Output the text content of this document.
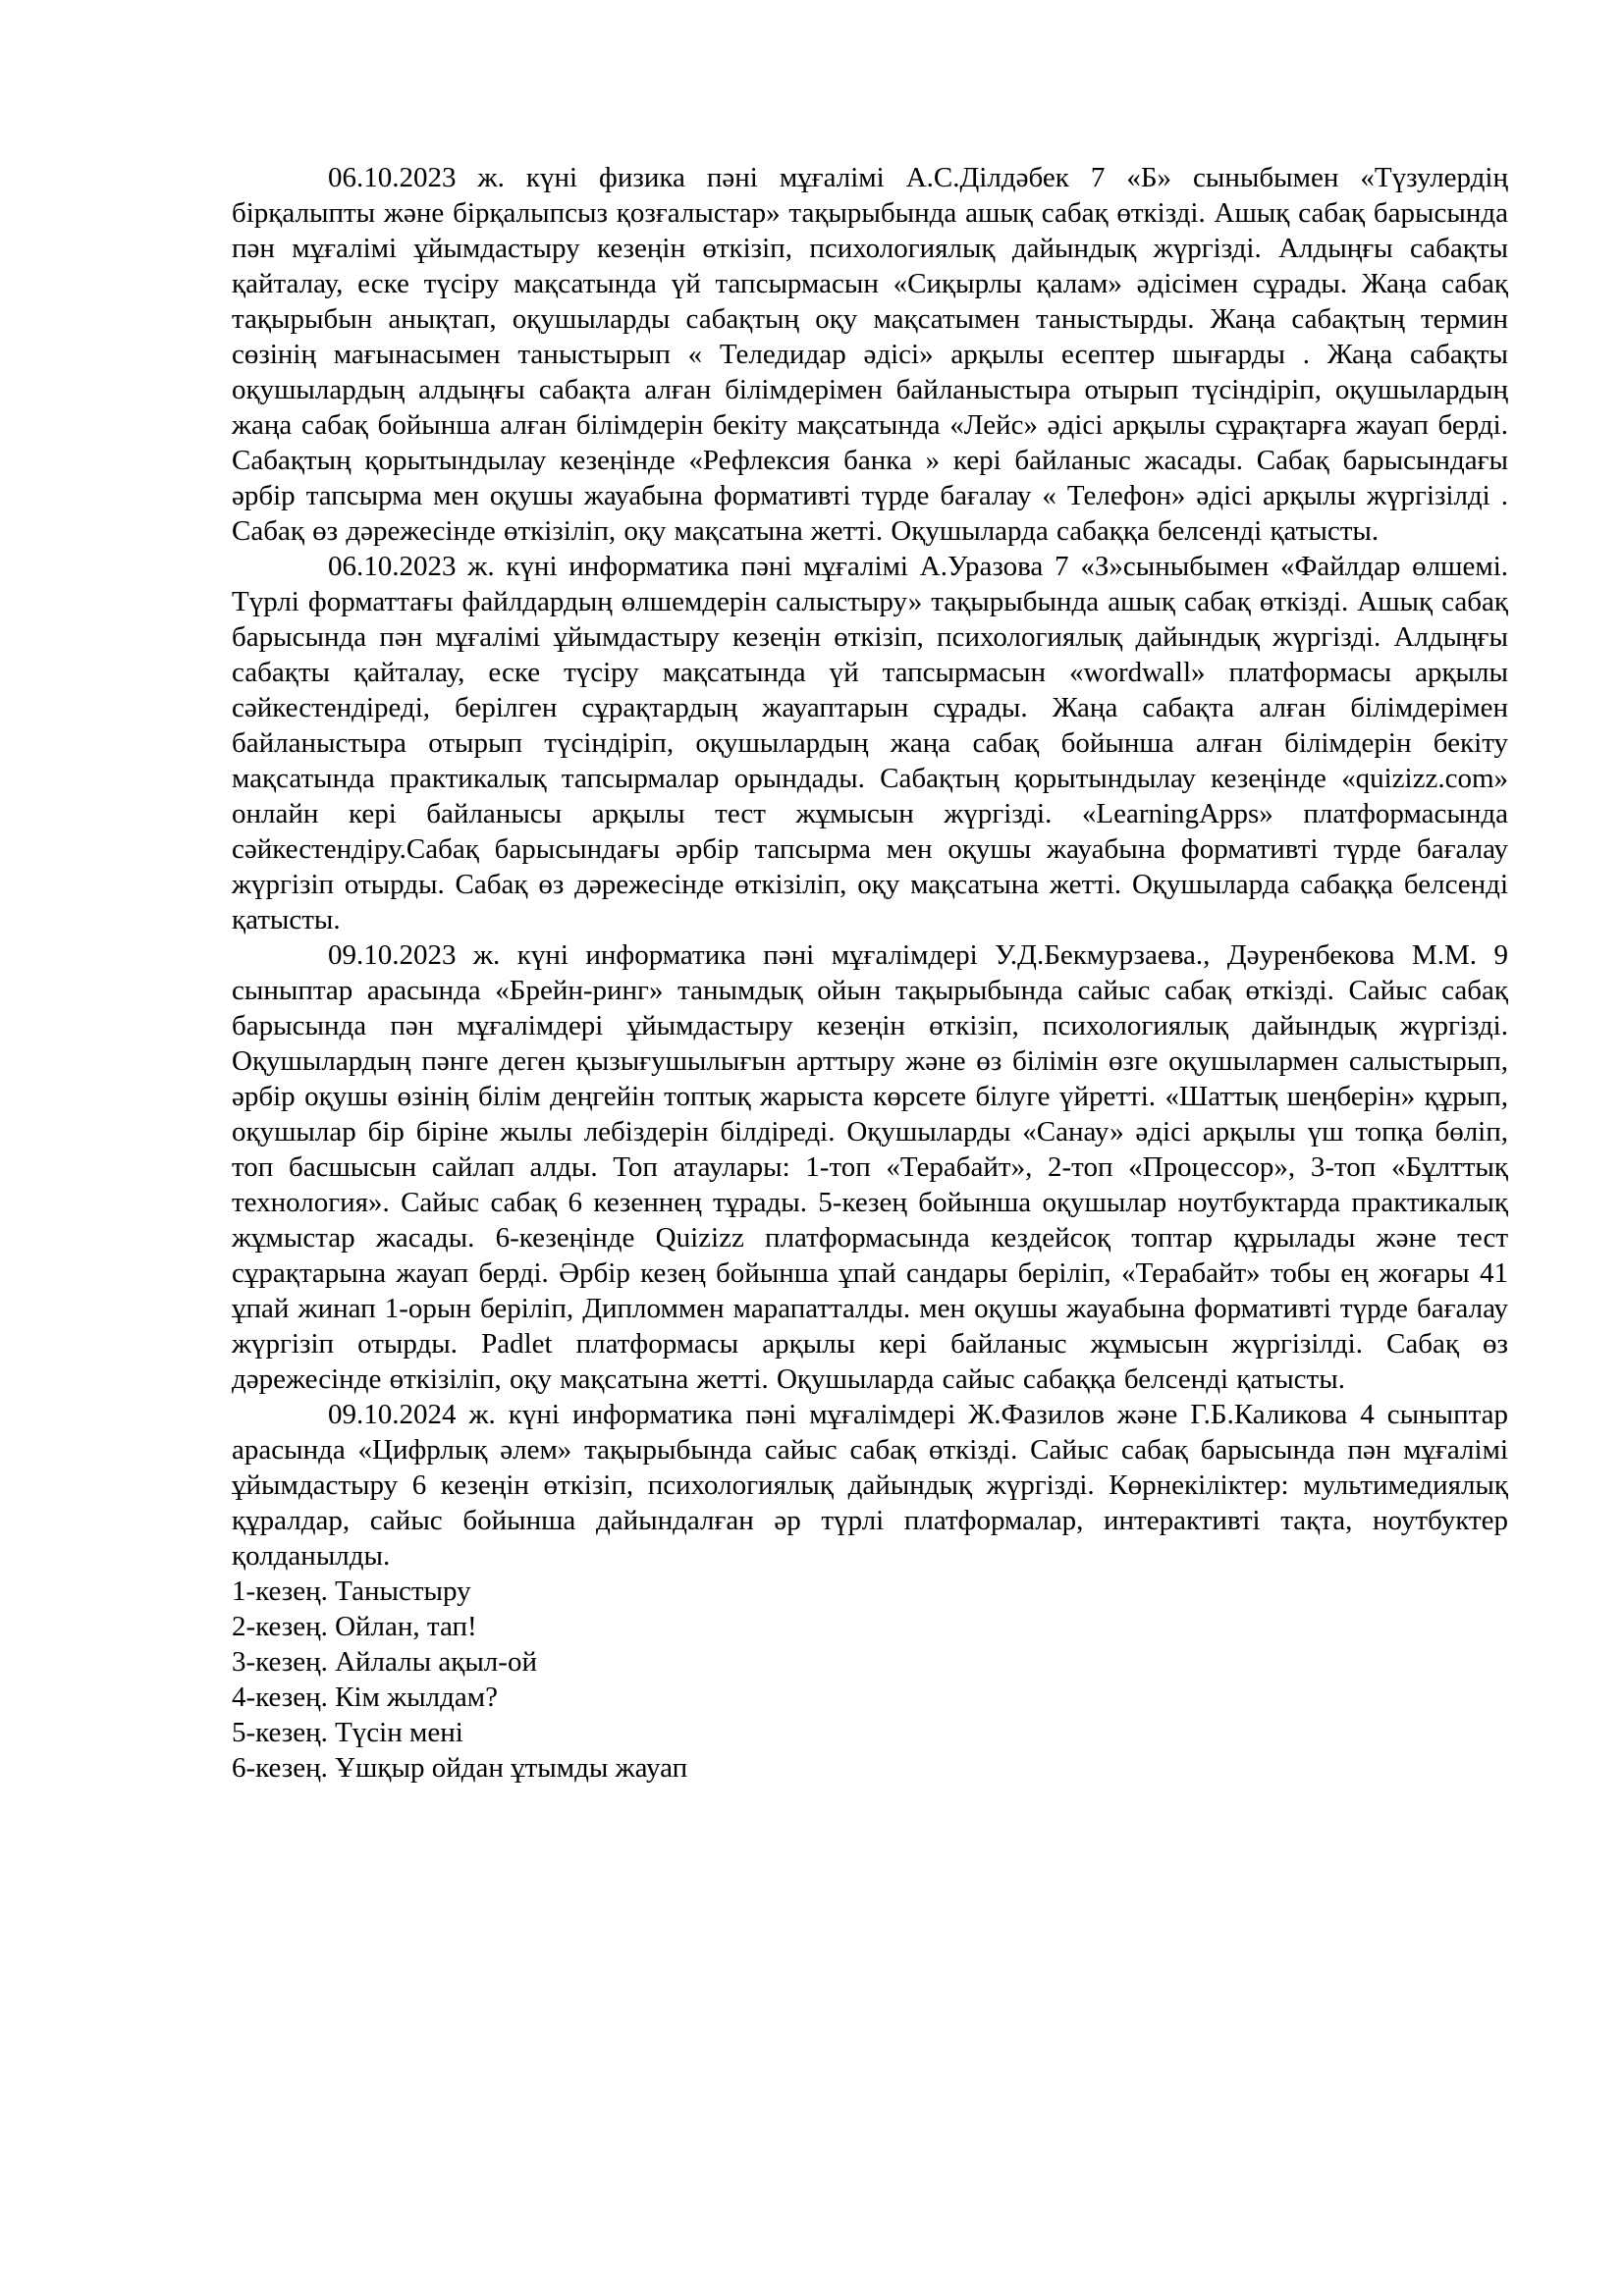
06.10.2023 ж. күні физика пәні мұғалімі А.С.Ділдәбек 7 «Б» сыныбымен «Түзулердің бірқалыпты және бірқалыпсыз қозғалыстар» тақырыбында ашық сабақ өткізді. Ашық сабақ барысында пән мұғалімі ұйымдастыру кезеңін өткізіп, психологиялық дайындық жүргізді. Алдыңғы сабақты қайталау, еске түсіру мақсатында үй тапсырмасын «Сиқырлы қалам» әдісімен сұрады. Жаңа сабақ тақырыбын анықтап, оқушыларды сабақтың оқу мақсатымен таныстырды. Жаңа сабақтың термин сөзінің мағынасымен таныстырып « Теледидар әдісі» арқылы есептер шығарды . Жаңа сабақты оқушылардың алдыңғы сабақта алған білімдерімен байланыстыра отырып түсіндіріп, оқушылардың жаңа сабақ бойынша алған білімдерін бекіту мақсатында «Лейс» әдісі арқылы сұрақтарға жауап берді. Сабақтың қорытындылау кезеңінде «Рефлексия банка » кері байланыс жасады. Сабақ барысындағы әрбір тапсырма мен оқушы жауабына формативті түрде бағалау « Телефон» әдісі арқылы жүргізілді . Сабақ өз дәрежесінде өткізіліп, оқу мақсатына жетті. Оқушыларда сабаққа белсенді қатысты.

06.10.2023 ж. күні информатика пәні мұғалімі А.Уразова 7 «З»сыныбымен «Файлдар өлшемі. Түрлі форматтағы файлдардың өлшемдерін салыстыру» тақырыбында ашық сабақ өткізді. Ашық сабақ барысында пән мұғалімі ұйымдастыру кезеңін өткізіп, психологиялық дайындық жүргізді. Алдыңғы сабақты қайталау, еске түсіру мақсатында үй тапсырмасын «wordwall» платформасы арқылы сәйкестендіреді, берілген сұрақтардың жауаптарын сұрады. Жаңа сабақта алған білімдерімен байланыстыра отырып түсіндіріп, оқушылардың жаңа сабақ бойынша алған білімдерін бекіту мақсатында практикалық тапсырмалар орындады. Сабақтың қорытындылау кезеңінде «quizizz.com» онлайн кері байланысы арқылы тест жұмысын жүргізді. «LearningApps» платформасында сәйкестендіру.Сабақ барысындағы әрбір тапсырма мен оқушы жауабына формативті түрде бағалау жүргізіп отырды. Сабақ өз дәрежесінде өткізіліп, оқу мақсатына жетті. Оқушыларда сабаққа белсенді қатысты.

09.10.2023 ж. күні информатика пәні мұғалімдері У.Д.Бекмурзаева., Дәуренбекова М.М. 9 сыныптар арасында «Брейн-ринг» танымдық ойын тақырыбында сайыс сабақ өткізді. Сайыс сабақ барысында пән мұғалімдері ұйымдастыру кезеңін өткізіп, психологиялық дайындық жүргізді. Оқушылардың пәнге деген қызығушылығын арттыру және өз білімін өзге оқушылармен салыстырып, әрбір оқушы өзінің білім деңгейін топтық жарыста көрсете білуге үйретті. «Шаттық шеңберін» құрып, оқушылар бір біріне жылы лебіздерін білдіреді. Оқушыларды «Санау» әдісі арқылы үш топқа бөліп, топ басшысын сайлап алды. Топ атаулары: 1-топ «Терабайт», 2-топ «Процессор», 3-топ «Бұлттық технология». Сайыс сабақ 6 кезеннең тұрады. 5-кезең бойынша оқушылар ноутбуктарда практикалық жұмыстар жасады. 6-кезеңінде Quizizz платформасында кездейсоқ топтар құрылады және тест сұрақтарына жауап берді. Әрбір кезең бойынша ұпай сандары беріліп, «Терабайт» тобы ең жоғары 41 ұпай жинап 1-орын беріліп, Дипломмен марапатталды. мен оқушы жауабына формативті түрде бағалау жүргізіп отырды. Padlet платформасы арқылы кері байланыс жұмысын жүргізілді. Сабақ өз дәрежесінде өткізіліп, оқу мақсатына жетті. Оқушыларда сайыс сабаққа белсенді қатысты.

09.10.2024 ж. күні информатика пәні мұғалімдері Ж.Фазилов және Г.Б.Каликова 4 сыныптар арасында «Цифрлық әлем» тақырыбында сайыс сабақ өткізді. Сайыс сабақ барысында пән мұғалімі ұйымдастыру 6 кезеңін өткізіп, психологиялық дайындық жүргізді. Көрнекіліктер: мультимедиялық құралдар, сайыс бойынша дайындалған әр түрлі платформалар, интерактивті тақта, ноутбуктер қолданылды.

1-кезең. Таныстыру

2-кезең. Ойлан, тап!

3-кезең. Айлалы ақыл-ой

4-кезең. Кім жылдам?

5-кезең. Түсін мені

6-кезең. Ұшқыр ойдан ұтымды жауап
